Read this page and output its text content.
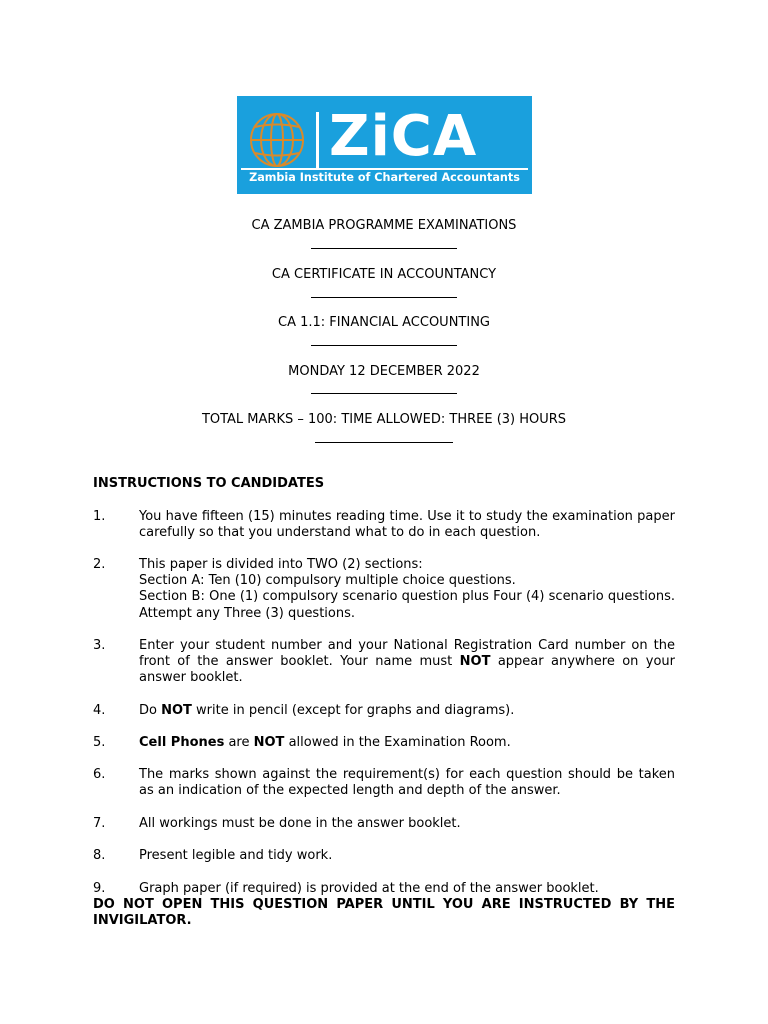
ZiCA
Zambia Institute of Chartered Accountants
CA ZAMBIA PROGRAMME EXAMINATIONS
CA CERTIFICATE IN ACCOUNTANCY
CA 1.1: FINANCIAL ACCOUNTING
MONDAY 12 DECEMBER 2022
TOTAL MARKS – 100: TIME ALLOWED: THREE (3) HOURS
INSTRUCTIONS TO CANDIDATES
1.	You have fifteen (15) minutes reading time. Use it to study the examination paper carefully so that you understand what to do in each question.
2.	This paper is divided into TWO (2) sections:
Section A: Ten (10) compulsory multiple choice questions.
Section B: One (1) compulsory scenario question plus Four (4) scenario questions. Attempt any Three (3) questions.
3.	Enter your student number and your National Registration Card number on the front of the answer booklet. Your name must NOT appear anywhere on your answer booklet.
4.	Do NOT write in pencil (except for graphs and diagrams).
5.	Cell Phones are NOT allowed in the Examination Room.
6.	The marks shown against the requirement(s) for each question should be taken as an indication of the expected length and depth of the answer.
7.	All workings must be done in the answer booklet.
8.	Present legible and tidy work.
9.	Graph paper (if required) is provided at the end of the answer booklet.
DO NOT OPEN THIS QUESTION PAPER UNTIL YOU ARE INSTRUCTED BY THE INVIGILATOR.
